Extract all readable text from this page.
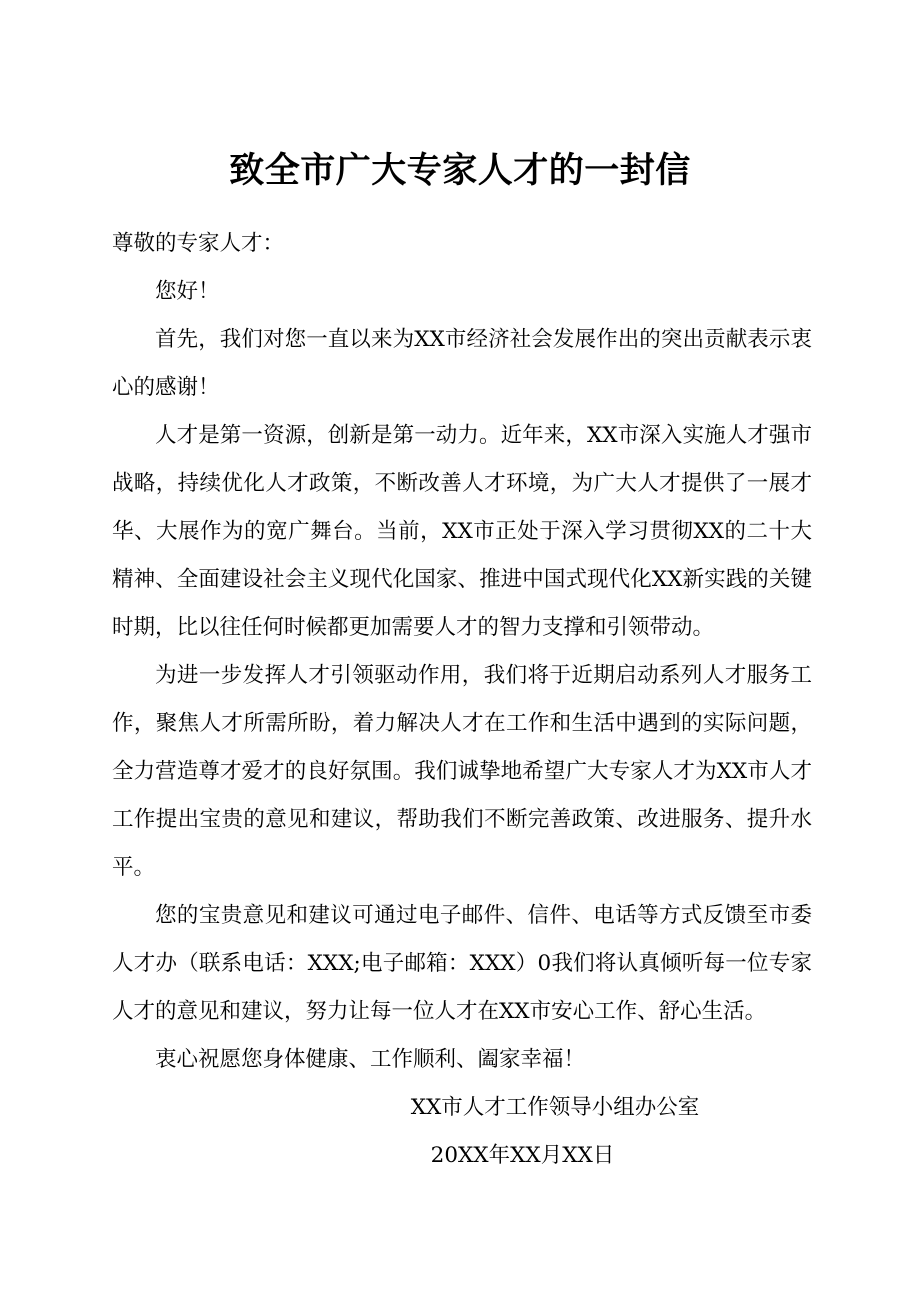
致全市广大专家人才的一封信

尊敬的专家人才：

您好！

首先，我们对您一直以来为XX市经济社会发展作出的突出贡献表示衷心的感谢！

人才是第一资源，创新是第一动力。近年来，XX市深入实施人才强市战略，持续优化人才政策，不断改善人才环境，为广大人才提供了一展才华、大展作为的宽广舞台。当前，XX市正处于深入学习贯彻XX的二十大精神、全面建设社会主义现代化国家、推进中国式现代化XX新实践的关键时期，比以往任何时候都更加需要人才的智力支撑和引领带动。

为进一步发挥人才引领驱动作用，我们将于近期启动系列人才服务工作，聚焦人才所需所盼，着力解决人才在工作和生活中遇到的实际问题，全力营造尊才爱才的良好氛围。我们诚挚地希望广大专家人才为XX市人才工作提出宝贵的意见和建议，帮助我们不断完善政策、改进服务、提升水平。

您的宝贵意见和建议可通过电子邮件、信件、电话等方式反馈至市委人才办（联系电话：XXX;电子邮箱：XXX）0我们将认真倾听每一位专家人才的意见和建议，努力让每一位人才在XX市安心工作、舒心生活。

衷心祝愿您身体健康、工作顺利、阖家幸福！

XX市人才工作领导小组办公室
20XX年XX月XX日
